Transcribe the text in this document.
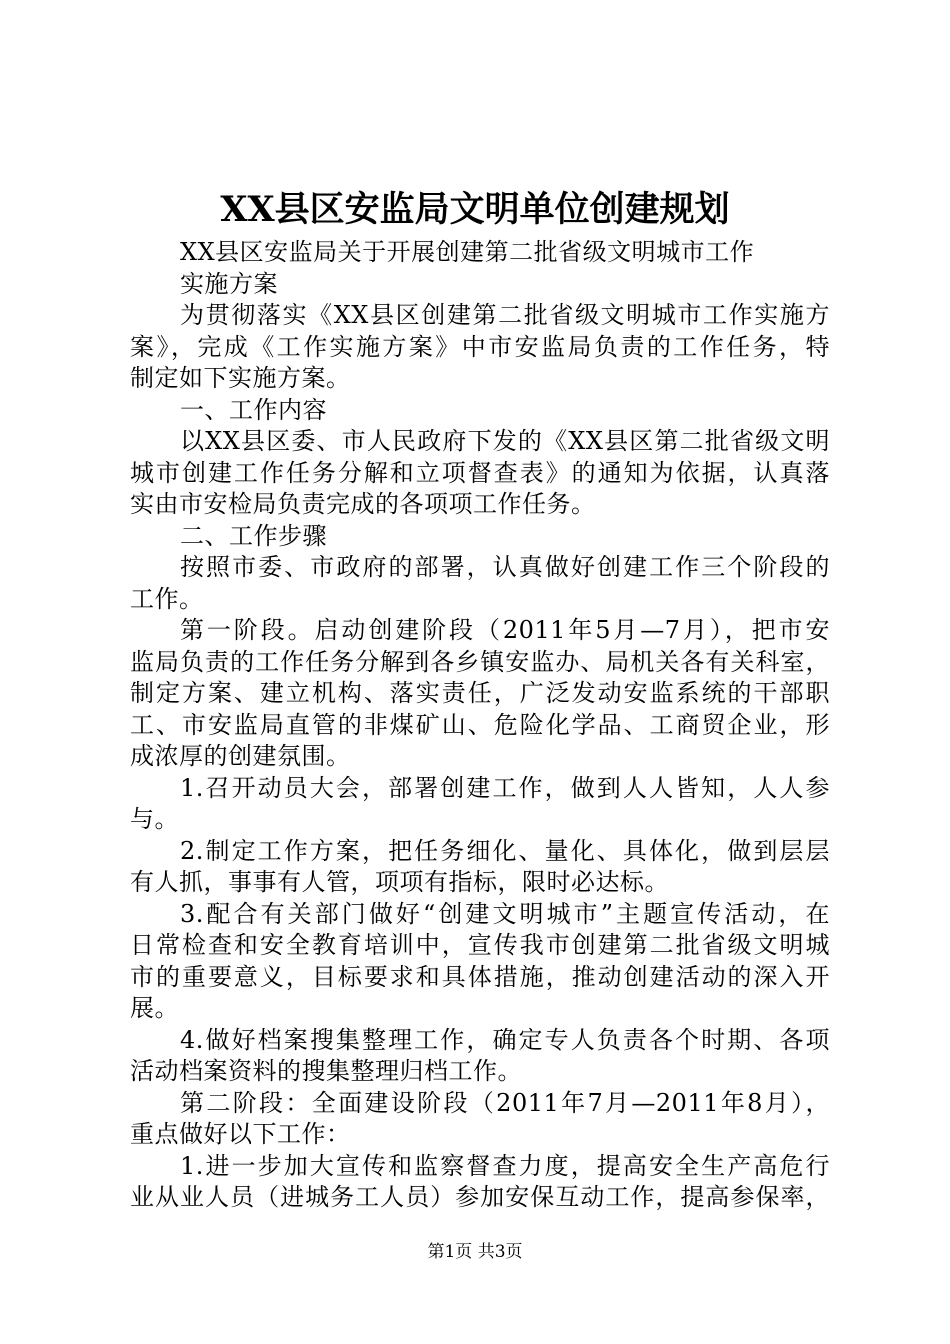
XX县区安监局文明单位创建规划
XX县区安监局关于开展创建第二批省级文明城市工作
实施方案
为贯彻落实《XX县区创建第二批省级文明城市工作实施方
案》，完成《工作实施方案》中市安监局负责的工作任务，特
制定如下实施方案。
一、工作内容
以XX县区委、市人民政府下发的《XX县区第二批省级文明
城市创建工作任务分解和立项督查表》的通知为依据，认真落
实由市安检局负责完成的各项项工作任务。
二、工作步骤
按照市委、市政府的部署，认真做好创建工作三个阶段的
工作。
第一阶段。启动创建阶段（2011年5月—7月），把市安
监局负责的工作任务分解到各乡镇安监办、局机关各有关科室，
制定方案、建立机构、落实责任，广泛发动安监系统的干部职
工、市安监局直管的非煤矿山、危险化学品、工商贸企业，形
成浓厚的创建氛围。
1.召开动员大会，部署创建工作，做到人人皆知，人人参
与。
2.制定工作方案，把任务细化、量化、具体化，做到层层
有人抓，事事有人管，项项有指标，限时必达标。
3.配合有关部门做好“创建文明城市”主题宣传活动，在
日常检查和安全教育培训中，宣传我市创建第二批省级文明城
市的重要意义，目标要求和具体措施，推动创建活动的深入开
展。
4.做好档案搜集整理工作，确定专人负责各个时期、各项
活动档案资料的搜集整理归档工作。
第二阶段：全面建设阶段（2011年7月—2011年8月），
重点做好以下工作：
1.进一步加大宣传和监察督查力度，提高安全生产高危行
业从业人员（进城务工人员）参加安保互动工作，提高参保率，
第1页 共3页
